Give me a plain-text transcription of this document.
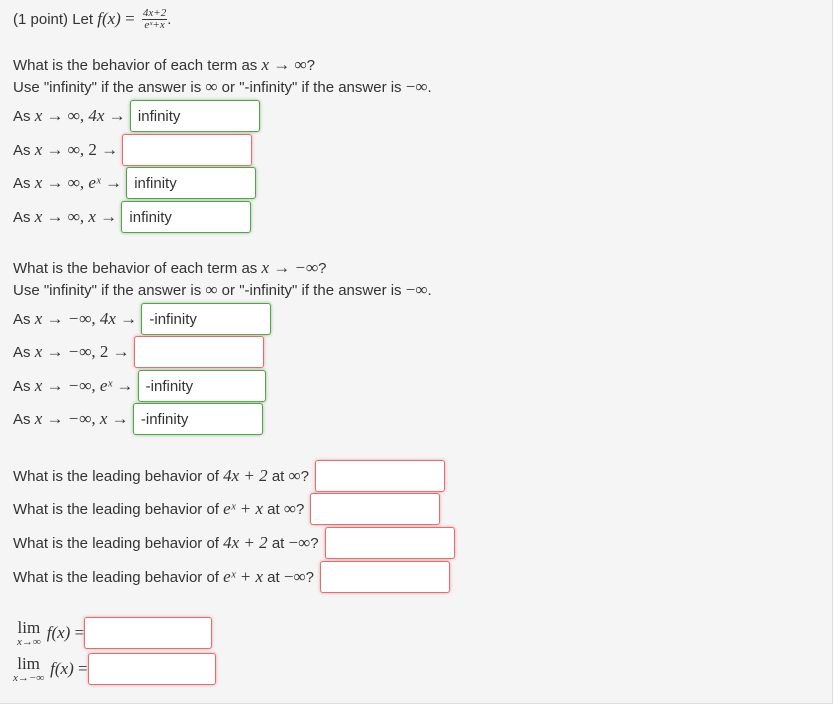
(1 point) Let $f(x) = \frac{4x+2}{\text{eˣ+x}}$ .
What is the behavior of each term as x → ∞ ?
Use "infinity" if the answer is ∞ or "-infinity" if the answer is −∞ .
As x → ∞ , 4x →
infinity
As x → ∞ , 2 →
As x → ∞ , eˣ →
infinity
As x → ∞ , x →
infinity
What is the behavior of each term as x → −∞ ?
Use "infinity" if the answer is ∞ or "-infinity" if the answer is −∞ .
As x → −∞ , 4x →
-infinity
As x → −∞ , 2 →
As x → −∞ , eˣ →
-infinity
As x → −∞ , x →
-infinity
What is the leading behavior of 4x + 2 at ∞ ?
What is the leading behavior of eˣ + x at ∞ ?
What is the leading behavior of 4x + 2 at −∞ ?
What is the leading behavior of eˣ + x at −∞ ?
lim
x→∞ f(x) =
lim
x→−∞ f(x) =
